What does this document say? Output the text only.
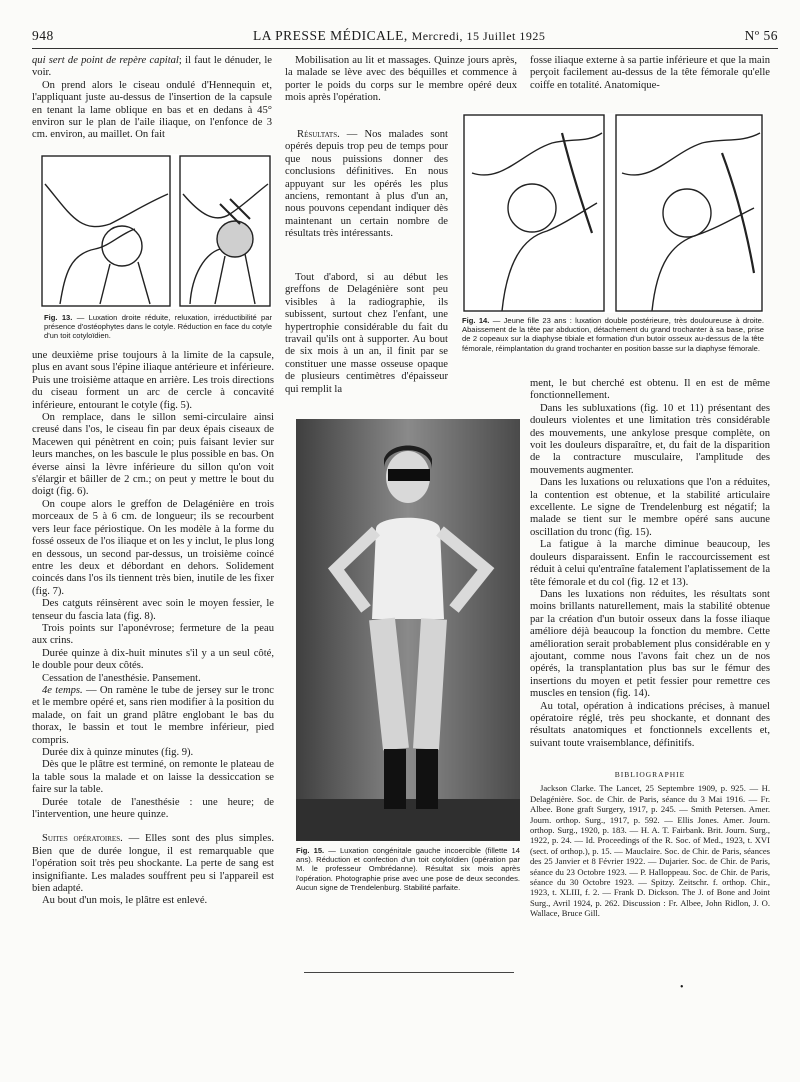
948	LA PRESSE MÉDICALE, Mercredi, 15 Juillet 1925	Nº 56

qui sert de point de repère capital; il faut le dénuder, le voir.

On prend alors le ciseau ondulé d'Hennequin et, l'appliquant juste au-dessus de l'insertion de la capsule en tenant la lame oblique en bas et en dedans à 45° environ sur le plan de l'aile iliaque, on l'enfonce de 3 cm. environ, au maillet. On fait

Mobilisation au lit et massages. Quinze jours après, la malade se lève avec des béquilles et commence à porter le poids du corps sur le membre opéré deux mois après l'opération.

Résultats. — Nos malades sont opérés depuis trop peu de temps pour que nous puissions donner des conclusions définitives. En nous appuyant sur les opérés les plus anciens, remontant à plus d'un an, nous pouvons cependant indiquer dès maintenant un certain nombre de résultats très intéressants.

Tout d'abord, si au début les greffons de Delagénière sont peu visibles à la radiographie, ils subissent, surtout chez l'enfant, une hypertrophie considérable du fait du travail qu'ils ont à supporter. Au bout de six mois à un an, il finit par se constituer une masse osseuse opaque de plusieurs centimètres d'épaisseur qui remplit la

fosse iliaque externe à sa partie inférieure et que la main perçoit facilement au-dessus de la tête fémorale qu'elle coiffe en totalité. Anatomique-

Fig. 13. — Luxation droite réduite, reluxation, irréductibilité par présence d'ostéophytes dans le cotyle. Réduction en face du cotyle d'un toit cotyloïdien.
Fig. 14. — Jeune fille 23 ans : luxation double postérieure, très douloureuse à droite. Abaissement de la tête par abduction, détachement du grand trochanter à sa base, prise de 2 copeaux sur la diaphyse tibiale et formation d'un butoir osseux au-dessus de la tête fémorale, réimplantation du grand trochanter en position basse sur la diaphyse fémorale.

une deuxième prise toujours à la limite de la capsule, plus en avant sous l'épine iliaque antérieure et inférieure. Puis une troisième attaque en arrière. Les trois directions du ciseau forment un arc de cercle à concavité inférieure, entourant le cotyle (fig. 5).

On remplace, dans le sillon semi-circulaire ainsi creusé dans l'os, le ciseau fin par deux épais ciseaux de Macewen qui pénètrent en coin; puis faisant levier sur leurs manches, on les bascule le plus possible en bas. On éverse ainsi la lèvre inférieure du sillon qu'on voit s'élargir et bâiller de 2 cm.; on peut y mettre le bout du doigt (fig. 6).

On coupe alors le greffon de Delagénière en trois morceaux de 5 à 6 cm. de longueur; ils se recourbent vers leur face périostique. On les modèle à la forme du fossé osseux de l'os iliaque et on les y inclut, le plus long en dessous, un second par-dessus, un troisième coincé entre les deux et débordant en dehors. Solidement coincés dans l'os ils tiennent très bien, inutile de les fixer (fig. 7).

Des catguts réinsèrent avec soin le moyen fessier, le tenseur du fascia lata (fig. 8).

Trois points sur l'aponévrose; fermeture de la peau aux crins.

Durée quinze à dix-huit minutes s'il y a un seul côté, le double pour deux côtés.

Cessation de l'anesthésie. Pansement.

4e temps. — On ramène le tube de jersey sur le tronc et le membre opéré et, sans rien modifier à la position du malade, on fait un grand plâtre englobant le bas du thorax, le bassin et tout le membre inférieur, pied compris.

Durée dix à quinze minutes (fig. 9).

Dès que le plâtre est terminé, on remonte le plateau de la table sous la malade et on laisse la dessiccation se faire sur la table.

Durée totale de l'anesthésie : une heure; de l'intervention, une heure quinze.

Suites opératoires. — Elles sont des plus simples. Bien que de durée longue, il est remarquable que l'opération soit très peu shockante. La perte de sang est insignifiante. Les malades souffrent peu si l'appareil est bien adapté.

Au bout d'un mois, le plâtre est enlevé.

Fig. 15. — Luxation congénitale gauche incoercible (fillette 14 ans). Réduction et confection d'un toit cotyloïdien (opération par M. le professeur Ombrédanne). Résultat six mois après l'opération. Photographie prise avec une pose de deux secondes. Aucun signe de Trendelenburg. Stabilité parfaite.

ment, le but cherché est obtenu. Il en est de même fonctionnellement.

Dans les subluxations (fig. 10 et 11) présentant des douleurs violentes et une limitation très considérable des mouvements, une ankylose presque complète, on voit les douleurs disparaître, et, du fait de la disparition de la contracture musculaire, l'amplitude des mouvements augmenter.

Dans les luxations ou reluxations que l'on a réduites, la contention est obtenue, et la stabilité articulaire excellente. Le signe de Trendelenburg est négatif; la malade se tient sur le membre opéré sans aucune oscillation du tronc (fig. 15).

La fatigue à la marche diminue beaucoup, les douleurs disparaissent. Enfin le raccourcissement est réduit à celui qu'entraîne fatalement l'aplatissement de la tête fémorale et du col (fig. 12 et 13).

Dans les luxations non réduites, les résultats sont moins brillants naturellement, mais la stabilité obtenue par la création d'un butoir osseux dans la fosse iliaque améliore déjà beaucoup la fonction du membre. Cette amélioration serait probablement plus considérable en y ajoutant, comme nous l'avons fait chez un de nos opérés, la transplantation plus bas sur le fémur des insertions du moyen et petit fessier pour remettre ces muscles en tension (fig. 14).

Au total, opération à indications précises, à manuel opératoire réglé, très peu shockante, et donnant des résultats anatomiques et fonctionnels excellents et, suivant toute vraisemblance, définitifs.

BIBLIOGRAPHIE

Jackson Clarke. The Lancet, 25 Septembre 1909, p. 925. — H. Delagénière. Soc. de Chir. de Paris, séance du 3 Mai 1916. — Fr. Albee. Bone graft Surgery, 1917, p. 245. — Smith Petersen. Amer. Journ. orthop. Surg., 1917, p. 592. — Ellis Jones. Amer. Journ. orthop. Surg., 1920, p. 183. — H. A. T. Fairbank. Brit. Journ. Surg., 1922, p. 24. — Id. Proceedings of the R. Soc. of Med., 1923, t. XVI (sect. of orthop.), p. 15. — Mauclaire. Soc. de Chir. de Paris, séances des 25 Janvier et 8 Février 1922. — Dujarier. Soc. de Chir. de Paris, séance du 23 Octobre 1923. — P. Halloppeau. Soc. de Chir. de Paris, séance du 30 Octobre 1923. — Spitzy. Zeitschr. f. orthop. Chir., 1923, t. XLIII, f. 2. — Frank D. Dickson. The J. of Bone and Joint Surg., Avril 1924, p. 262. Discussion : Fr. Albee, John Ridlon, J. O. Wallace, Bruce Gill.

•
